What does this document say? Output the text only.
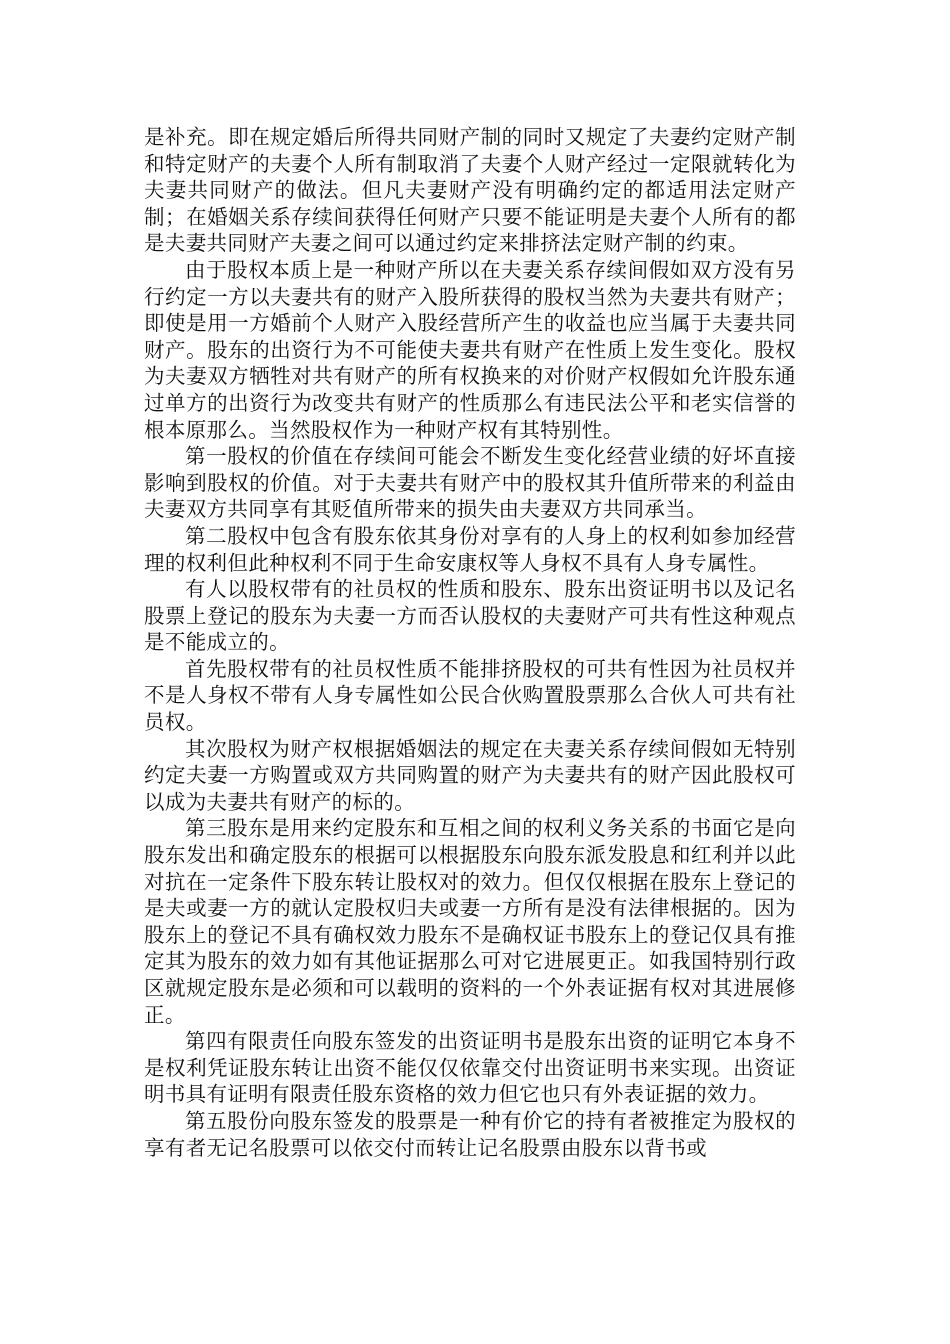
是补充。即在规定婚后所得共同财产制的同时又规定了夫妻约定财产制和特定财产的夫妻个人所有制取消了夫妻个人财产经过一定限就转化为夫妻共同财产的做法。但凡夫妻财产没有明确约定的都适用法定财产制；在婚姻关系存续间获得任何财产只要不能证明是夫妻个人所有的都是夫妻共同财产夫妻之间可以通过约定来排挤法定财产制的约束。

由于股权本质上是一种财产所以在夫妻关系存续间假如双方没有另行约定一方以夫妻共有的财产入股所获得的股权当然为夫妻共有财产；即使是用一方婚前个人财产入股经营所产生的收益也应当属于夫妻共同财产。股东的出资行为不可能使夫妻共有财产在性质上发生变化。股权为夫妻双方牺牲对共有财产的所有权换来的对价财产权假如允许股东通过单方的出资行为改变共有财产的性质那么有违民法公平和老实信誉的根本原那么。当然股权作为一种财产权有其特别性。

第一股权的价值在存续间可能会不断发生变化经营业绩的好坏直接影响到股权的价值。对于夫妻共有财产中的股权其升值所带来的利益由夫妻双方共同享有其贬值所带来的损失由夫妻双方共同承当。

第二股权中包含有股东依其身份对享有的人身上的权利如参加经营理的权利但此种权利不同于生命安康权等人身权不具有人身专属性。

有人以股权带有的社员权的性质和股东、股东出资证明书以及记名股票上登记的股东为夫妻一方而否认股权的夫妻财产可共有性这种观点是不能成立的。

首先股权带有的社员权性质不能排挤股权的可共有性因为社员权并不是人身权不带有人身专属性如公民合伙购置股票那么合伙人可共有社员权。

其次股权为财产权根据婚姻法的规定在夫妻关系存续间假如无特别约定夫妻一方购置或双方共同购置的财产为夫妻共有的财产因此股权可以成为夫妻共有财产的标的。

第三股东是用来约定股东和互相之间的权利义务关系的书面它是向股东发出和确定股东的根据可以根据股东向股东派发股息和红利并以此对抗在一定条件下股东转让股权对的效力。但仅仅根据在股东上登记的是夫或妻一方的就认定股权归夫或妻一方所有是没有法律根据的。因为股东上的登记不具有确权效力股东不是确权证书股东上的登记仅具有推定其为股东的效力如有其他证据那么可对它进展更正。如我国特别行政区就规定股东是必须和可以载明的资料的一个外表证据有权对其进展修正。

第四有限责任向股东签发的出资证明书是股东出资的证明它本身不是权利凭证股东转让出资不能仅仅依靠交付出资证明书来实现。出资证明书具有证明有限责任股东资格的效力但它也只有外表证据的效力。

第五股份向股东签发的股票是一种有价它的持有者被推定为股权的享有者无记名股票可以依交付而转让记名股票由股东以背书或
